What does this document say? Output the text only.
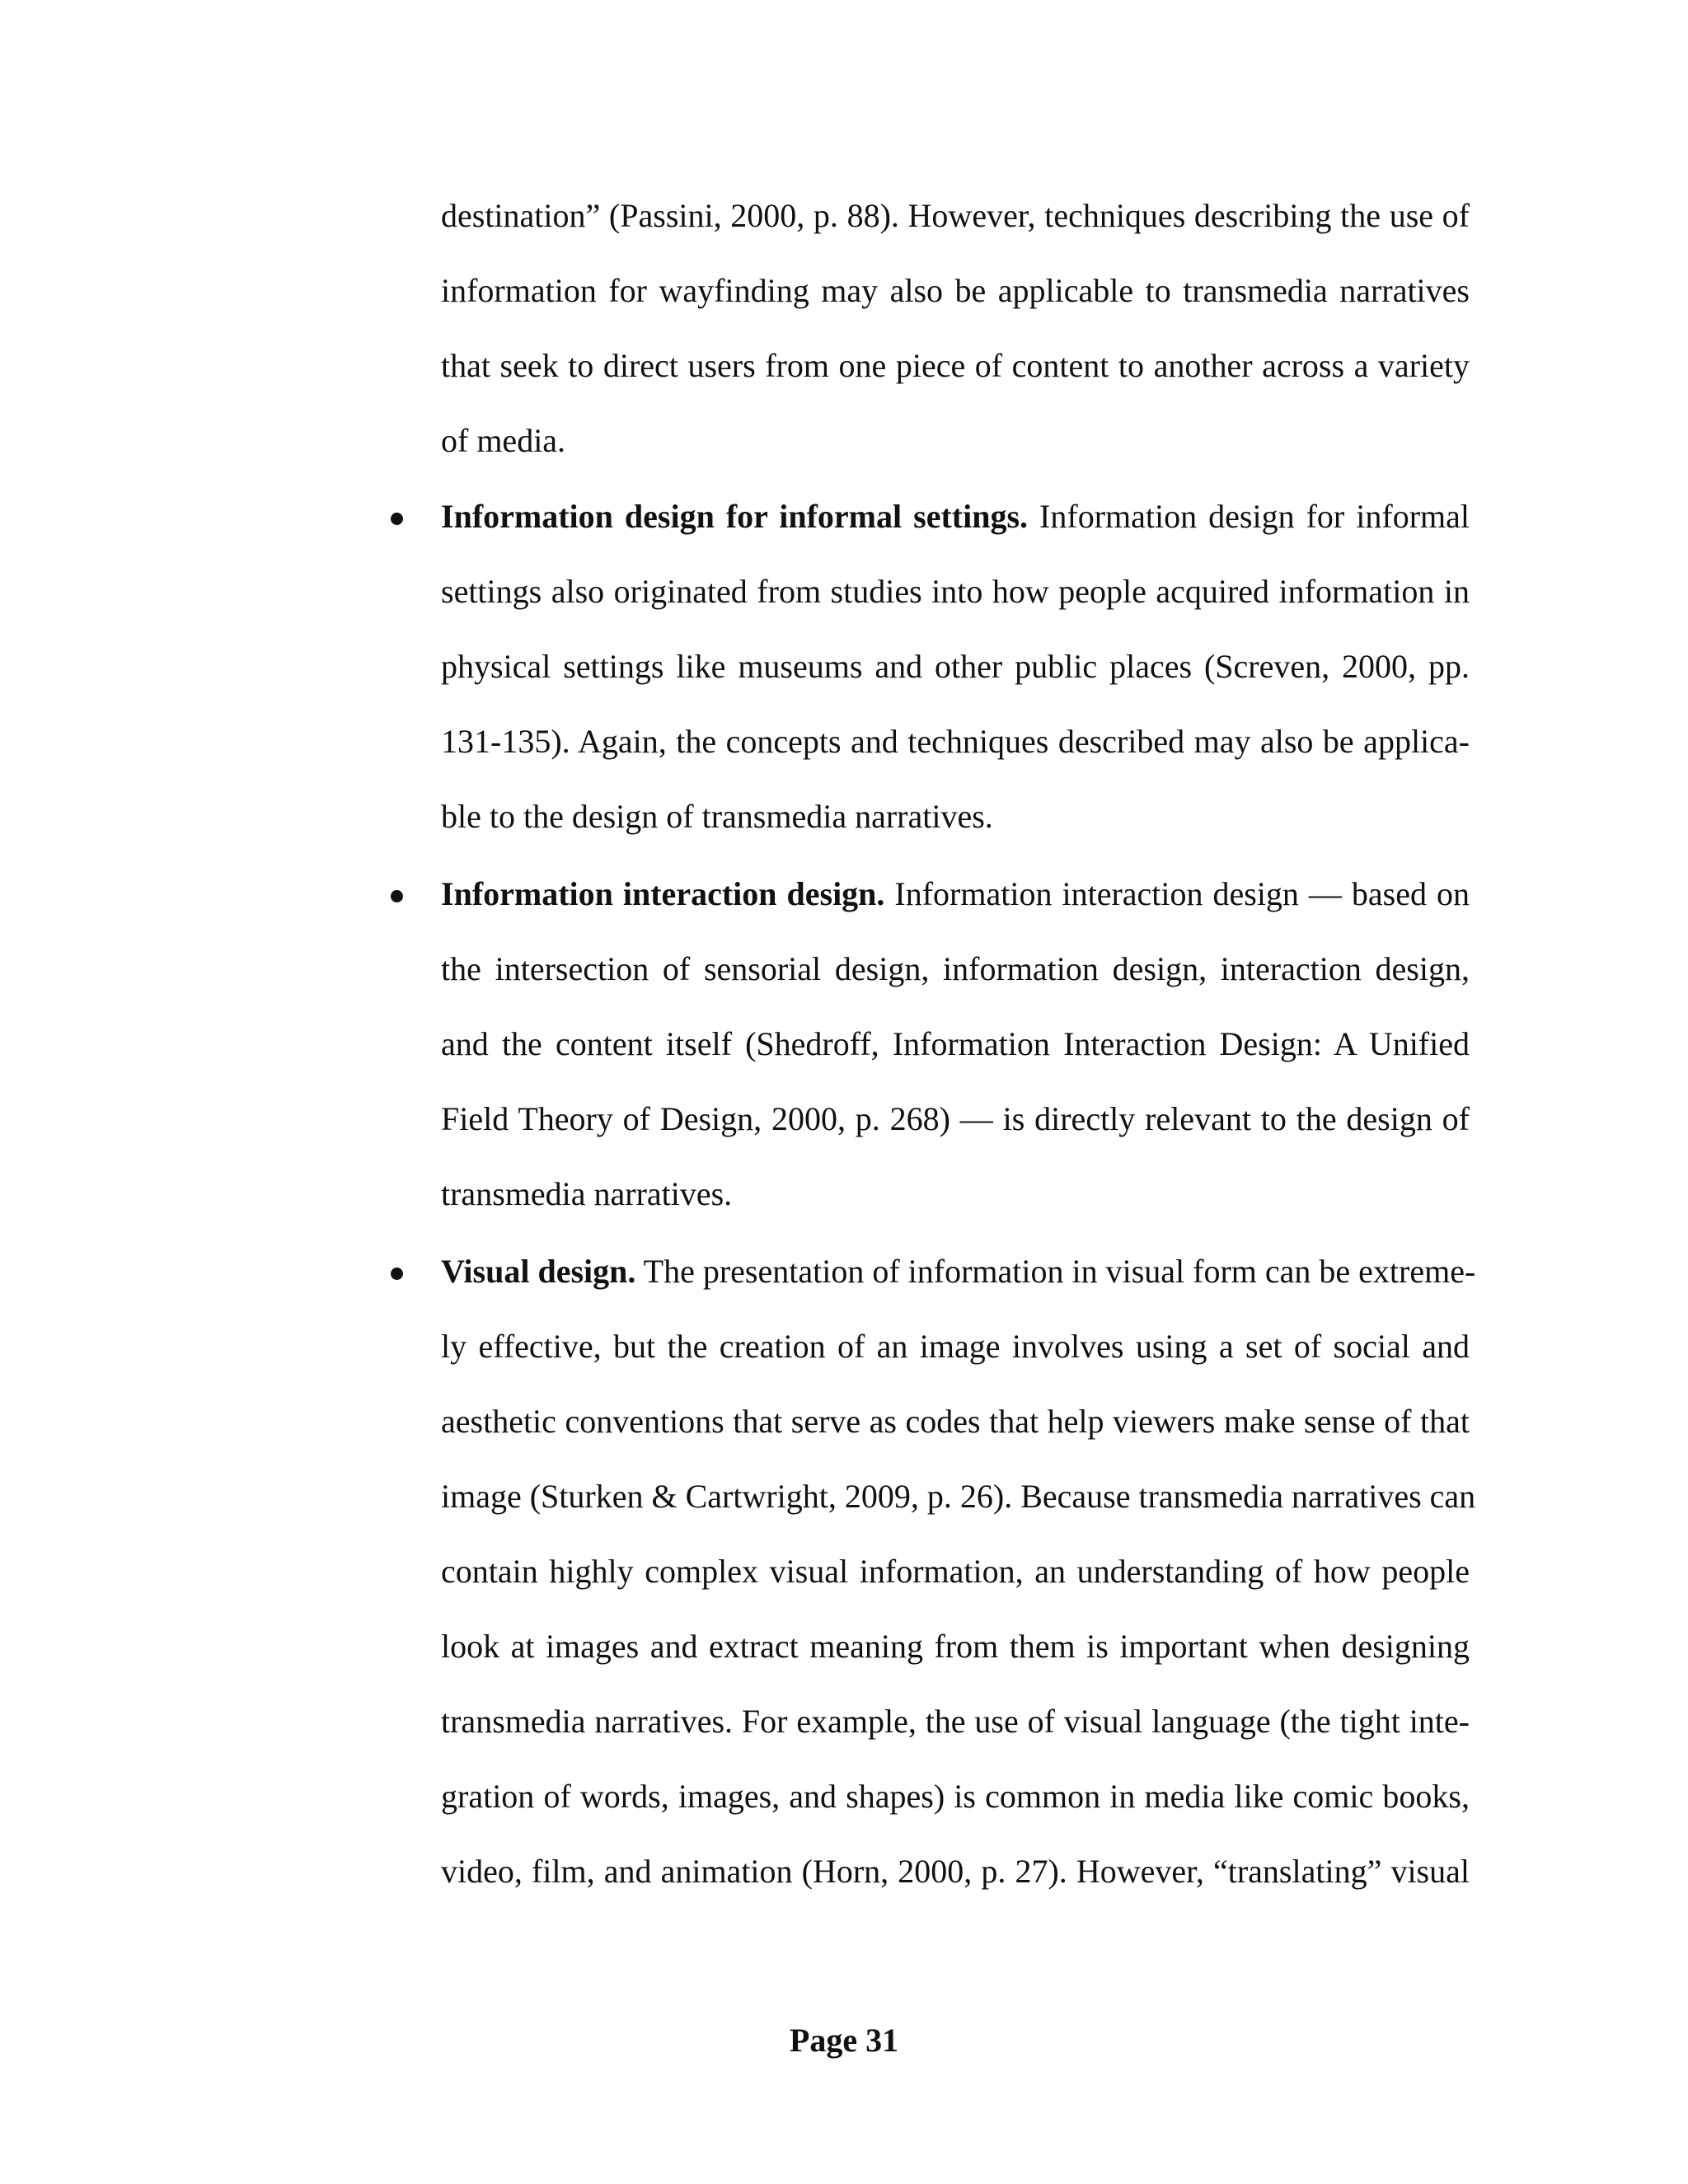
destination” (Passini, 2000, p. 88). However, techniques describing the use of
information for wayfinding may also be applicable to transmedia narratives
that seek to direct users from one piece of content to another across a variety
of media.
Information design for informal settings. Information design for informal
settings also originated from studies into how people acquired information in
physical settings like museums and other public places (Screven, 2000, pp.
131-135). Again, the concepts and techniques described may also be applica-
ble to the design of transmedia narratives.
Information interaction design. Information interaction design — based on
the intersection of sensorial design, information design, interaction design,
and the content itself (Shedroff, Information Interaction Design: A Unified
Field Theory of Design, 2000, p. 268) — is directly relevant to the design of
transmedia narratives.
Visual design. The presentation of information in visual form can be extreme-
ly effective, but the creation of an image involves using a set of social and
aesthetic conventions that serve as codes that help viewers make sense of that
image (Sturken & Cartwright, 2009, p. 26). Because transmedia narratives can
contain highly complex visual information, an understanding of how people
look at images and extract meaning from them is important when designing
transmedia narratives. For example, the use of visual language (the tight inte-
gration of words, images, and shapes) is common in media like comic books,
video, film, and animation (Horn, 2000, p. 27). However, “translating” visual
Page 31
